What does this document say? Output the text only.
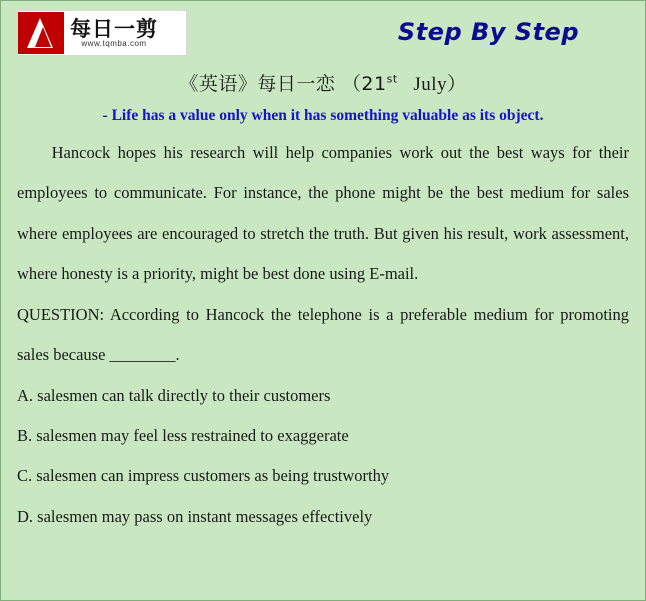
每日一剪
www.tqmba.com	Step By Step
《英语》每日一恋 （21st July）
- Life has a value only when it has something valuable as its object.

Hancock hopes his research will help companies work out the best ways for their employees to communicate. For instance, the phone might be the best medium for sales where employees are encouraged to stretch the truth. But given his result, work assessment, where honesty is a priority, might be best done using E-mail.

QUESTION: According to Hancock the telephone is a preferable medium for promoting sales because ________.

A. salesmen can talk directly to their customers

B. salesmen may feel less restrained to exaggerate

C. salesmen can impress customers as being trustworthy

D. salesmen may pass on instant messages effectively
